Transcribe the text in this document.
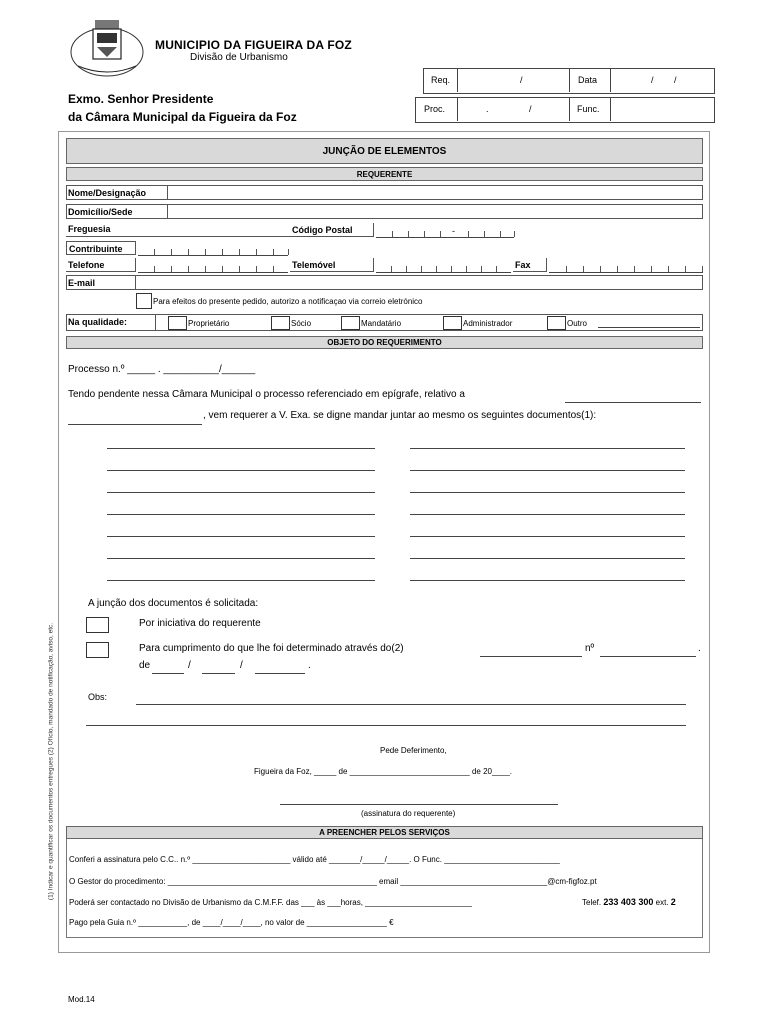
MUNICIPIO DA FIGUEIRA DA FOZ
Divisão de Urbanismo
Exmo. Senhor Presidente
da Câmara Municipal da Figueira da Foz
Req.	/	Data	/ /
Proc.	. /	Func.
JUNÇÃO DE ELEMENTOS
REQUERENTE
Nome/Designação
Domicílio/Sede
Freguesia	Código Postal	-
Contribuinte
Telefone	Telemóvel	Fax
E-mail
Para efeitos do presente pedido, autorizo a notificaçao via correio eletrónico
Na qualidade:	Proprietário	Sócio	Mandatário	Administrador	Outro
OBJETO DO REQUERIMENTO
Processo n.º _____ . __________/______
Tendo pendente nessa Câmara Municipal o processo referenciado em epígrafe, relativo a
, vem requerer a V. Exa. se digne mandar juntar ao mesmo os seguintes documentos(1):
A junção dos documentos é solicitada:
Por iniciativa do requerente
Para cumprimento do que lhe foi determinado através do(2)	nº	.
de	/	/	.
Obs:
Pede Deferimento,
Figueira da Foz, _____ de ___________________________ de 20____.
(assinatura do requerente)
A PREENCHER PELOS SERVIÇOS
Conferi a assinatura pelo C.C.. n.º ______________________ válido até _______/_____/_____. O Func. __________________________
O Gestor do procedimento: _______________________________________________ email _________________________________@cm-figfoz.pt
Poderá ser contactado no Divisão de Urbanismo da C.M.F.F. das ___ às ___horas, ________________________	Telef. 233 403 300 ext. 2
Pago pela Guia n.º ___________, de ____/____/____, no valor de __________________ €
(1) Indicar e quantificar os documentos entregues (2) Ofício, mandado de notificação, aviso, etc.
Mod.14
